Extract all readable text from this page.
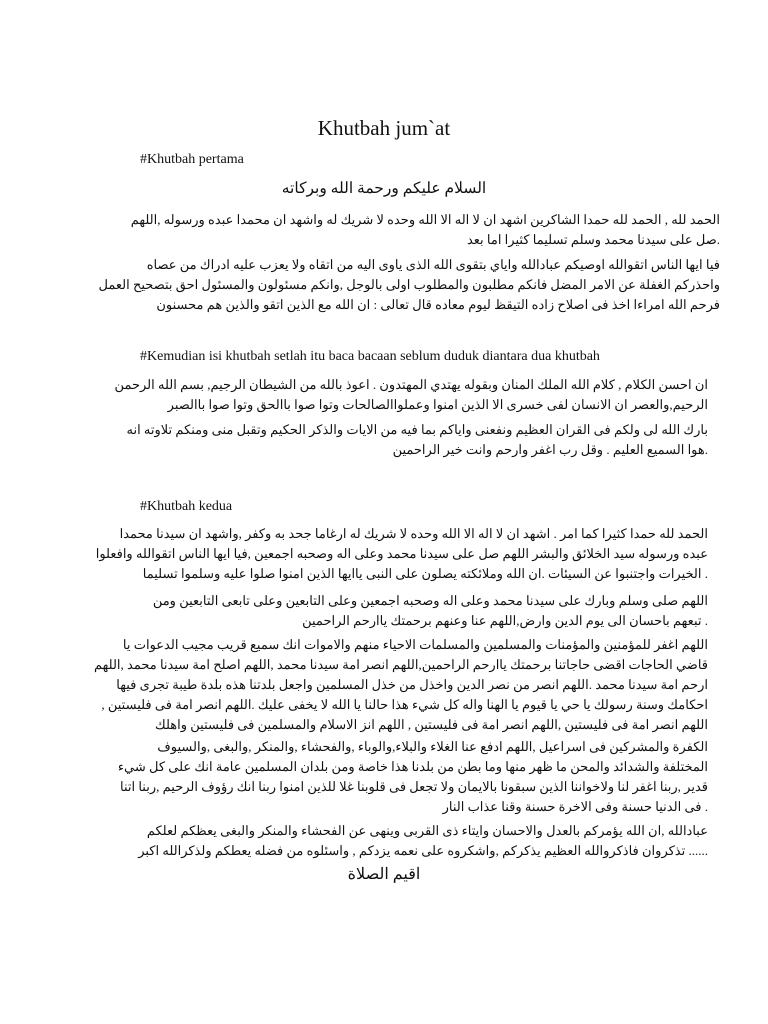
Khutbah jum`at
#Khutbah pertama
السلام عليكم ورحمة الله وبركاته
الحمد لله , الحمد لله حمدا الشاكرين اشهد ان لا اله الا الله وحده لا شريك له واشهد ان محمدا عبده ورسوله ,اللهم
.صل على سيدنا محمد وسلم تسليما كثيرا اما بعد
فيا ايها الناس اتقوالله اوصيكم عبادالله واياي بتقوى الله الذى ياوى اليه من اتقاه ولا يعزب عليه ادراك من عصاه
واحذركم الغفلة عن الامر المضل فانكم مطلبون والمطلوب اولى بالوجل ,وانكم مسئولون والمسئول احق بتصحيح العمل
فرحم الله امراءا اخذ فى اصلاح زاده التيقظ ليوم معاده قال تعالى : ان الله مع الذين اتقو والذين هم محسنون
#Kemudian isi khutbah setlah itu baca bacaan seblum duduk diantara dua khutbah
ان احسن الكلام , كلام الله الملك المنان وبقوله يهتدي المهتدون . اعوذ بالله من الشيطان الرجيم, بسم الله الرحمن
الرحيم,والعصر ان الانسان لفى خسرى الا الذين امنوا وعملواالصالحات وتوا صوا باالحق وتوا صوا باالصبر
بارك الله لى ولكم فى القران العظيم ونفعنى واياكم بما فيه من الايات والذكر الحكيم وتقبل منى ومنكم تلاوته انه
.هوا السميع العليم . وقل رب اغفر وارحم وانت خير الراحمين
#Khutbah kedua
الحمد لله حمدا كثيرا كما امر . اشهد ان لا اله الا الله وحده لا شريك له ارغاما جحد به وكفر ,واشهد ان سيدنا محمدا
عبده ورسوله سيد الخلائق والبشر اللهم صل على سيدنا محمد وعلى اله وصحبه اجمعين ,فيا ايها الناس اتقوالله وافعلوا
. الخيرات واجتنبوا عن السيئات .ان الله وملائكته يصلون على النبى ياايها الذين امنوا صلوا عليه وسلموا تسليما
اللهم صلى وسلم وبارك على سيدنا محمد وعلى اله وصحبه اجمعين وعلى التابعين وعلى تابعى التابعين ومن
. تبعهم باحسان الى يوم الدين وارض,اللهم عنا وعنهم برحمتك ياارحم الراحمين
اللهم اغفر للمؤمنين والمؤمنات والمسلمين والمسلمات الاحياء منهم والاموات انك سميع قريب مجيب الدعوات يا
قاضي الحاجات اقضى حاجاتنا برحمتك ياارحم الراحمين,اللهم انصر امة سيدنا محمد ,اللهم اصلح امة سيدنا محمد ,اللهم
ارحم امة سيدنا محمد .اللهم انصر من نصر الدين واخذل من خذل المسلمين واجعل بلدتنا هذه بلدة طيبة تجرى فيها
احكامك وسنة رسولك يا حي يا قيوم يا الهنا واله كل شيء هذا حالنا يا الله لا يخفى عليك .اللهم انصر امة فى فليستين ,
اللهم انصر امة فى فليستين ,اللهم انصر امة فى فليستين , اللهم انز الاسلام والمسلمين فى فليستين واهلك
الكفرة والمشركين فى اسراعيل ,اللهم ادفع عنا الغلاء والبلاء,والوباء ,والفحشاء ,والمنكر ,والبغى ,والسيوف
المختلفة والشدائد والمحن ما ظهر منها وما بطن من بلدنا هذا خاصة ومن بلدان المسلمين عامة انك على كل شيء
قدير ,ربنا اغفر لنا ولاخواننا الذين سبقونا بالايمان ولا تجعل فى قلوبنا غلا للذين امنوا ربنا انك رؤوف الرحيم ,ربنا اتنا
. فى الدنيا حسنة وفى الاخرة حسنة وقنا عذاب النار
عبادالله ,ان الله يؤمركم بالعدل والاحسان وايتاء ذى القربى وينهى عن الفحشاء والمنكر والبغى يعظكم لعلكم
...... تذكروان فاذكروالله العظيم يذكركم ,واشكروه على نعمه يزدكم , واسئلوه من فضله يعطكم ولذكرالله اكبر
اقيم الصلاة
